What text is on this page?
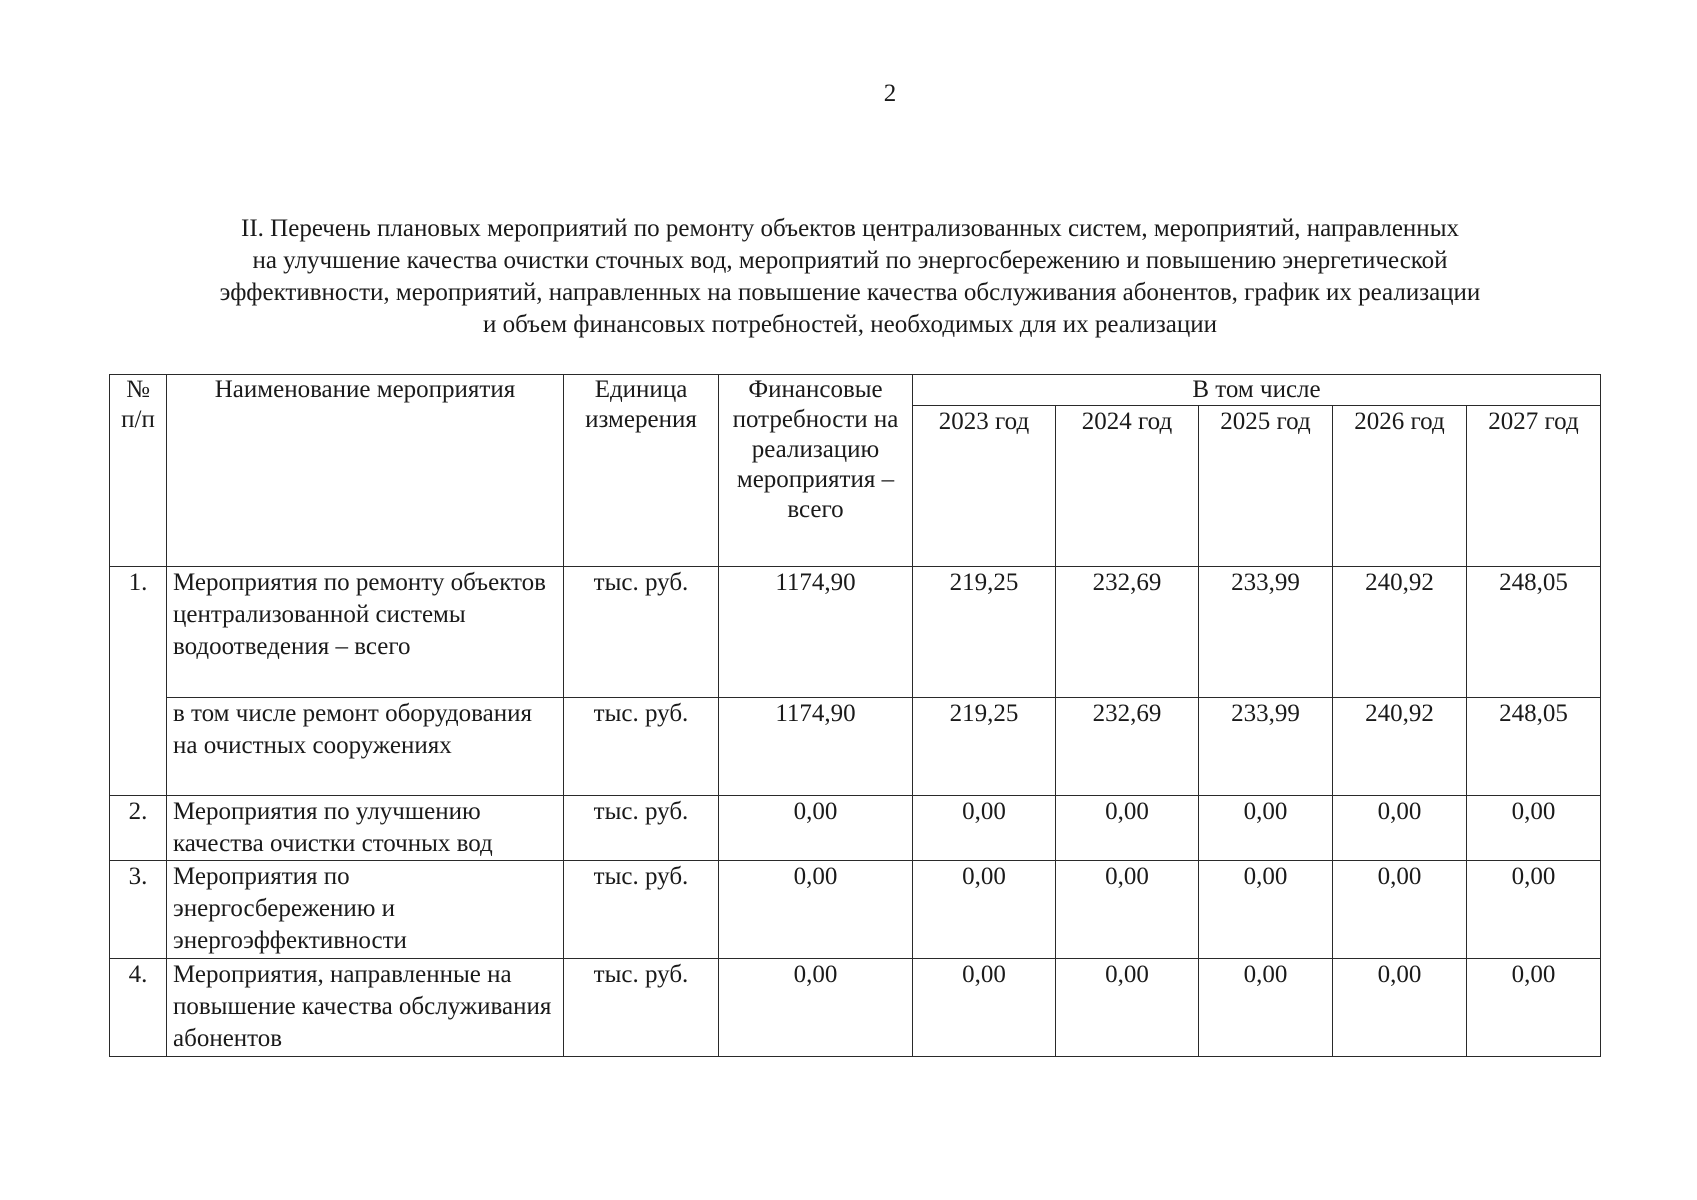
2
II. Перечень плановых мероприятий по ремонту объектов централизованных систем, мероприятий, направленных
на улучшение качества очистки сточных вод, мероприятий по энергосбережению и повышению энергетической
эффективности, мероприятий, направленных на повышение качества обслуживания абонентов, график их реализации
и объем финансовых потребностей, необходимых для их реализации
№ п/п	Наименование мероприятия	Единица измерения	Финансовые потребности на реализацию мероприятия – всего	В том числе				
				2023 год	2024 год	2025 год	2026 год	2027 год
1.	Мероприятия по ремонту объектов централизованной системы водоотведения – всего	тыс. руб.	1174,90	219,25	232,69	233,99	240,92	248,05
	в том числе ремонт оборудования на очистных сооружениях	тыс. руб.	1174,90	219,25	232,69	233,99	240,92	248,05
2.	Мероприятия по улучшению качества очистки сточных вод	тыс. руб.	0,00	0,00	0,00	0,00	0,00	0,00
3.	Мероприятия по энергосбережению и энергоэффективности	тыс. руб.	0,00	0,00	0,00	0,00	0,00	0,00
4.	Мероприятия, направленные на повышение качества обслуживания абонентов	тыс. руб.	0,00	0,00	0,00	0,00	0,00	0,00
